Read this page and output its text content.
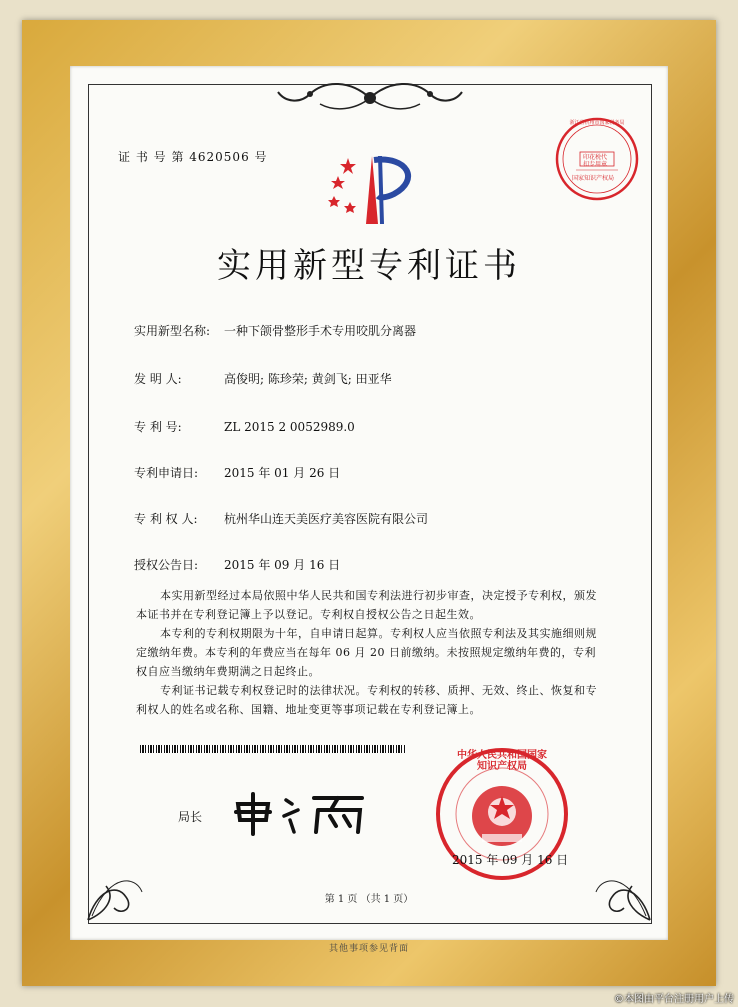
证 书 号 第 4620506 号
实用新型专利证书
实用新型名称: 一种下颌骨整形手术专用咬肌分离器
发 明 人:	高俊明; 陈珍荣; 黄剑飞; 田亚华
专 利 号:	ZL 2015 2 0052989.0
专利申请日: 2015 年 01 月 26 日
专 利 权 人: 杭州华山连天美医疗美容医院有限公司
授权公告日: 2015 年 09 月 16 日
本实用新型经过本局依照中华人民共和国专利法进行初步审查，决定授予专利权，颁发本证书并在专利登记簿上予以登记。专利权自授权公告之日起生效。
本专利的专利权期限为十年，自申请日起算。专利权人应当依照专利法及其实施细则规定缴纳年费。本专利的年费应当在每年 06 月 20 日前缴纳。未按照规定缴纳年费的，专利权自应当缴纳年费期满之日起终止。
专利证书记载专利权登记时的法律状况。专利权的转移、质押、无效、终止、恢复和专利权人的姓名或名称、国籍、地址变更等事项记载在专利登记簿上。
局长
浙江省杭州市国家税务局
印花税代扣专用章
国家知识产权局
中华人民共和国国家知识产权局
2015 年 09 月 16 日
第 1 页 （共 1 页）
其他事项参见背面
©本图由平台注册用户上传
